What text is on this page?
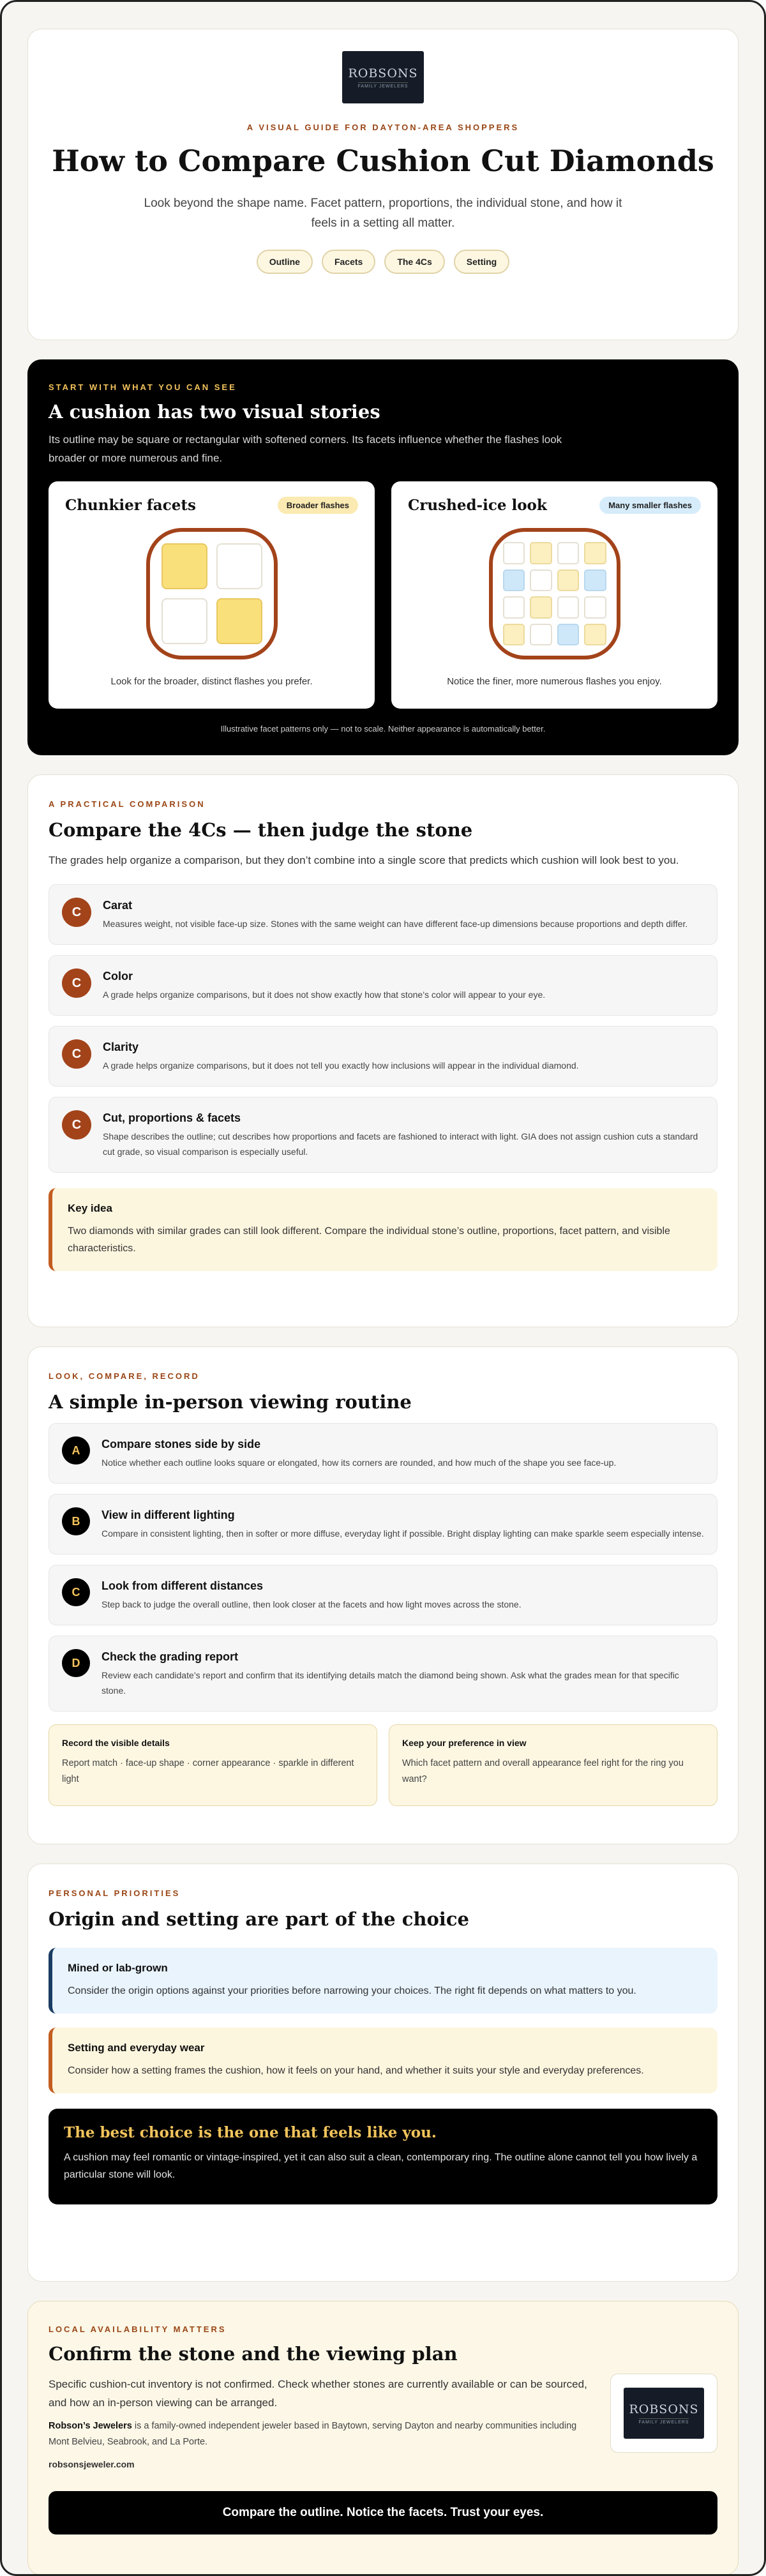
ROBSONS
FAMILY JEWELERS
A VISUAL GUIDE FOR DAYTON-AREA SHOPPERS
How to Compare Cushion Cut Diamonds

Look beyond the shape name. Facet pattern, proportions, the individual stone, and how it feels in a setting all matter.

Outline	Facets	The 4Cs	Setting
START WITH WHAT YOU CAN SEE
A cushion has two visual stories

Its outline may be square or rectangular with softened corners. Its facets influence whether the flashes look broader or more numerous and fine.

Chunkier facets	Broader flashes

Look for the broader, distinct flashes you prefer.

Crushed-ice look	Many smaller flashes

Notice the finer, more numerous flashes you enjoy.

Illustrative facet patterns only — not to scale. Neither appearance is automatically better.

A PRACTICAL COMPARISON
Compare the 4Cs — then judge the stone

The grades help organize a comparison, but they don’t combine into a single score that predicts which cushion will look best to you.

C	Carat

Measures weight, not visible face-up size. Stones with the same weight can have different face-up dimensions because proportions and depth differ.

C	Color

A grade helps organize comparisons, but it does not show exactly how that stone’s color will appear to your eye.

C	Clarity

A grade helps organize comparisons, but it does not tell you exactly how inclusions will appear in the individual diamond.

C	Cut, proportions & facets

Shape describes the outline; cut describes how proportions and facets are fashioned to interact with light. GIA does not assign cushion cuts a standard cut grade, so visual comparison is especially useful.

Key idea

Two diamonds with similar grades can still look different. Compare the individual stone’s outline, proportions, facet pattern, and visible characteristics.

LOOK, COMPARE, RECORD
A simple in-person viewing routine
A	Compare stones side by side

Notice whether each outline looks square or elongated, how its corners are rounded, and how much of the shape you see face-up.

B	View in different lighting

Compare in consistent lighting, then in softer or more diffuse, everyday light if possible. Bright display lighting can make sparkle seem especially intense.

C	Look from different distances

Step back to judge the overall outline, then look closer at the facets and how light moves across the stone.

D	Check the grading report

Review each candidate’s report and confirm that its identifying details match the diamond being shown. Ask what the grades mean for that specific stone.

Record the visible details

Report match · face-up shape · corner appearance · sparkle in different light

Keep your preference in view

Which facet pattern and overall appearance feel right for the ring you want?

PERSONAL PRIORITIES
Origin and setting are part of the choice
Mined or lab-grown

Consider the origin options against your priorities before narrowing your choices. The right fit depends on what matters to you.

Setting and everyday wear

Consider how a setting frames the cushion, how it feels on your hand, and whether it suits your style and everyday preferences.

The best choice is the one that feels like you.

A cushion may feel romantic or vintage-inspired, yet it can also suit a clean, contemporary ring. The outline alone cannot tell you how lively a particular stone will look.

LOCAL AVAILABILITY MATTERS
Confirm the stone and the viewing plan

Specific cushion-cut inventory is not confirmed. Check whether stones are currently available or can be sourced, and how an in-person viewing can be arranged.

Robson’s Jewelers is a family-owned independent jeweler based in Baytown, serving Dayton and nearby communities including Mont Belvieu, Seabrook, and La Porte.

robsonsjeweler.com

ROBSONS
FAMILY JEWELERS
Compare the outline. Notice the facets. Trust your eyes.
